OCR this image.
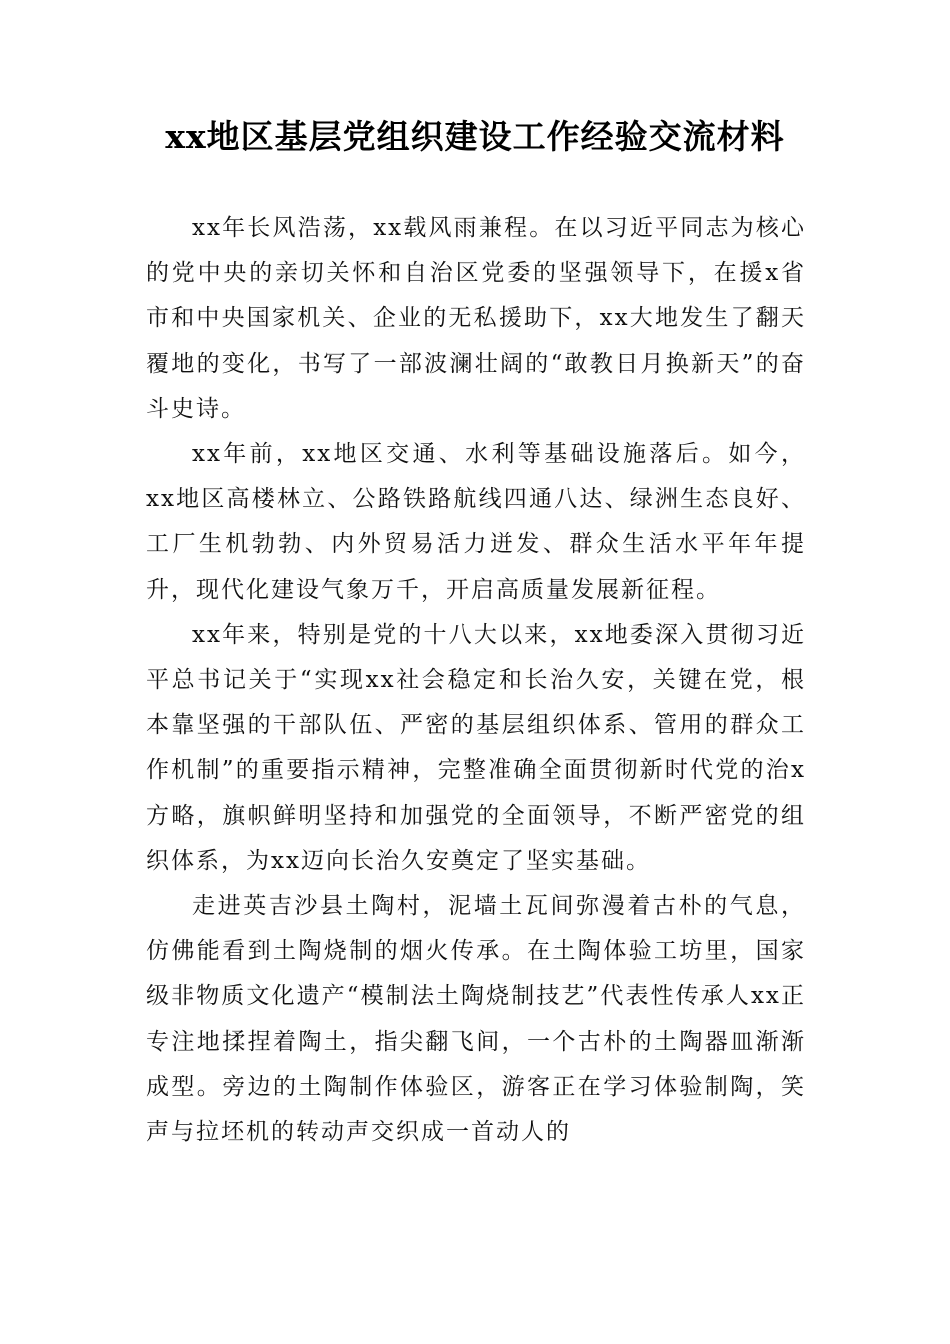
xx地区基层党组织建设工作经验交流材料

xx年长风浩荡，xx载风雨兼程。在以习近平同志为核心的党中央的亲切关怀和自治区党委的坚强领导下，在援x省市和中央国家机关、企业的无私援助下，xx大地发生了翻天覆地的变化，书写了一部波澜壮阔的“敢教日月换新天”的奋斗史诗。

xx年前，xx地区交通、水利等基础设施落后。如今，xx地区高楼林立、公路铁路航线四通八达、绿洲生态良好、工厂生机勃勃、内外贸易活力迸发、群众生活水平年年提升，现代化建设气象万千，开启高质量发展新征程。

xx年来，特别是党的十八大以来，xx地委深入贯彻习近平总书记关于“实现xx社会稳定和长治久安，关键在党，根本靠坚强的干部队伍、严密的基层组织体系、管用的群众工作机制”的重要指示精神，完整准确全面贯彻新时代党的治x方略，旗帜鲜明坚持和加强党的全面领导，不断严密党的组织体系，为xx迈向长治久安奠定了坚实基础。

走进英吉沙县土陶村，泥墙土瓦间弥漫着古朴的气息，仿佛能看到土陶烧制的烟火传承。在土陶体验工坊里，国家级非物质文化遗产“模制法土陶烧制技艺”代表性传承人xx正专注地揉捏着陶土，指尖翻飞间，一个古朴的土陶器皿渐渐成型。旁边的土陶制作体验区，游客正在学习体验制陶，笑声与拉坯机的转动声交织成一首动人的
